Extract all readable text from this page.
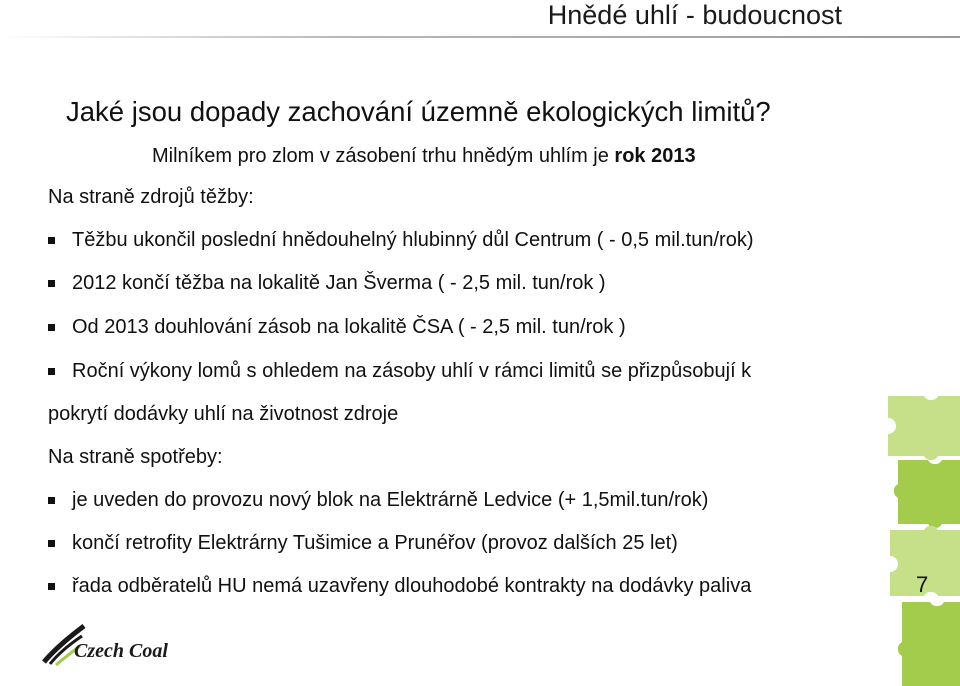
Hnědé uhlí - budoucnost
Jaké jsou dopady zachování územně ekologických limitů?
Milníkem pro zlom v zásobení trhu hnědým uhlím je rok 2013
Na straně zdrojů těžby:
Těžbu ukončil poslední hnědouhelný hlubinný důl Centrum ( - 0,5 mil.tun/rok)
2012 končí těžba na lokalitě Jan Šverma ( - 2,5 mil. tun/rok )
Od 2013 douhlování zásob na lokalitě ČSA ( - 2,5 mil. tun/rok )
Roční výkony lomů s ohledem na zásoby uhlí v rámci limitů se přizpůsobují k
pokrytí dodávky uhlí na životnost zdroje
Na straně spotřeby:
je uveden do provozu nový blok na Elektrárně Ledvice (+ 1,5mil.tun/rok)
končí retrofity Elektrárny Tušimice a Prunéřov (provoz dalších 25 let)
řada odběratelů HU nemá uzavřeny dlouhodobé kontrakty na dodávky paliva	7
Czech Coal
